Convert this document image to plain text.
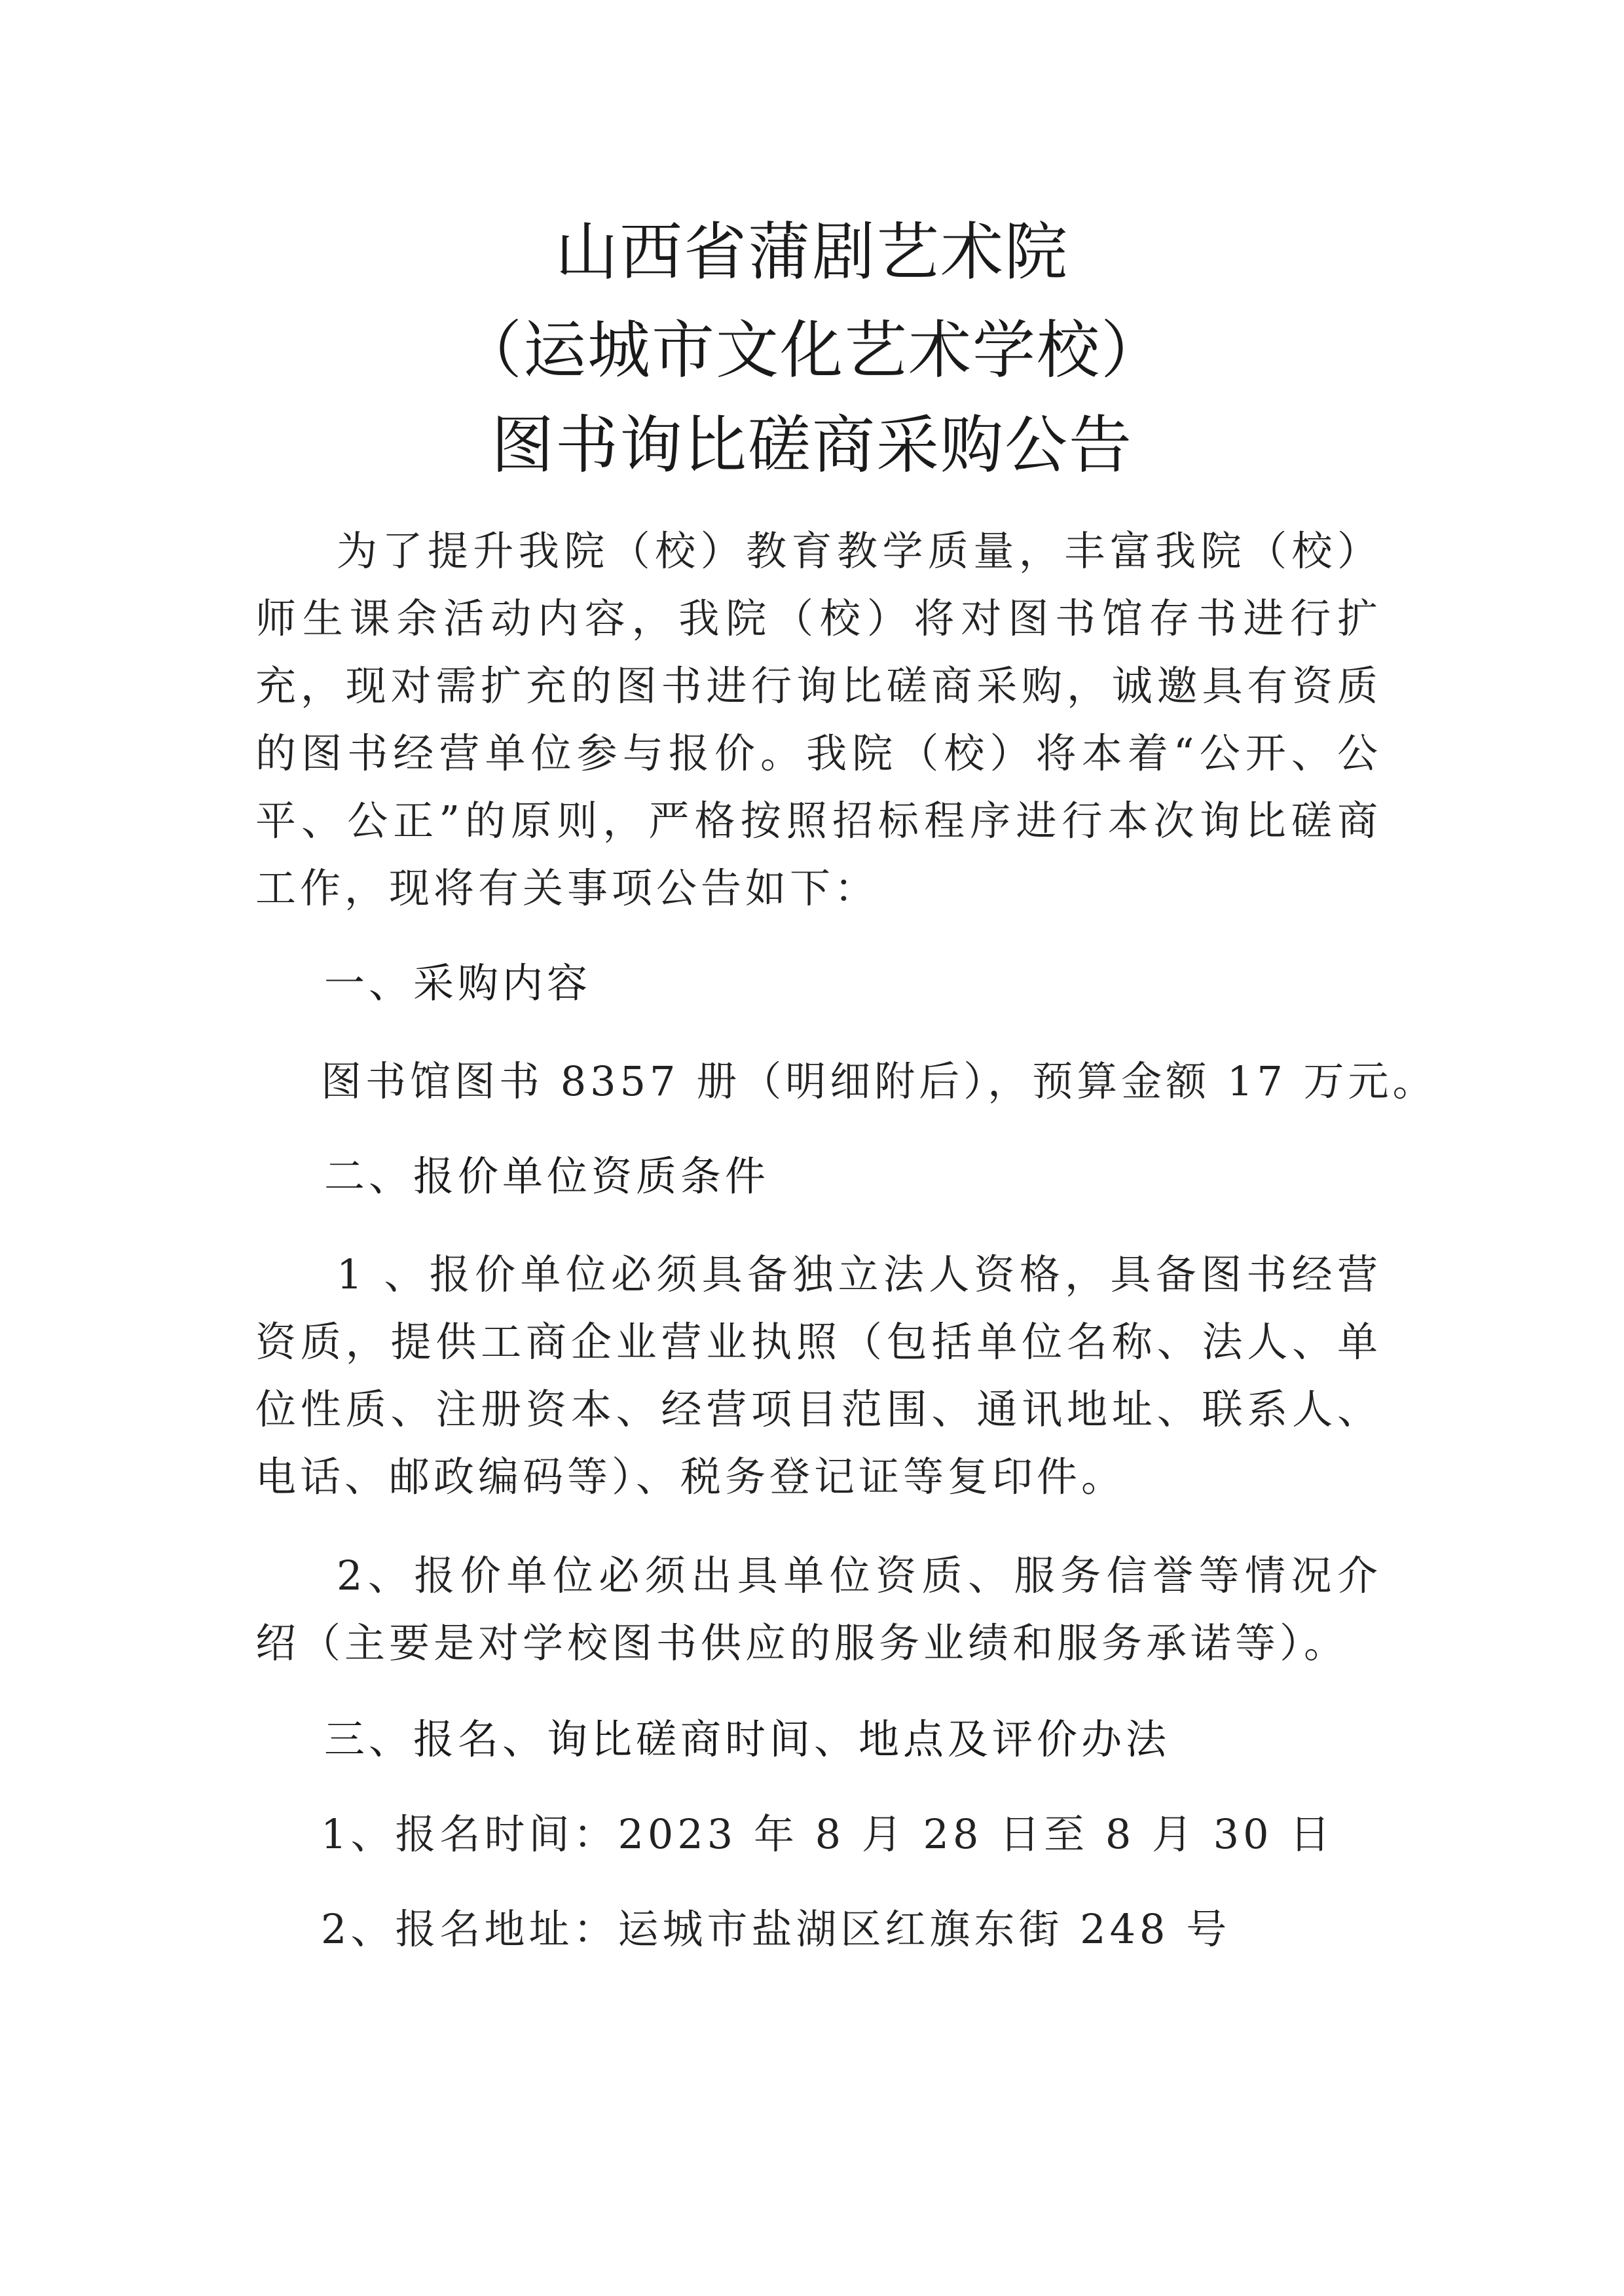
山西省蒲剧艺术院
（运城市文化艺术学校）
图书询比磋商采购公告

为了提升我院（校）教育教学质量，丰富我院（校）师生课余活动内容，我院（校）将对图书馆存书进行扩充，现对需扩充的图书进行询比磋商采购，诚邀具有资质的图书经营单位参与报价。我院（校）将本着“公开、公平、公正”的原则，严格按照招标程序进行本次询比磋商工作，现将有关事项公告如下：

一、采购内容
图书馆图书 8357 册（明细附后），预算金额 17 万元。
二、报价单位资质条件

1 、报价单位必须具备独立法人资格，具备图书经营资质，提供工商企业营业执照（包括单位名称、法人、单位性质、注册资本、经营项目范围、通讯地址、联系人、电话、邮政编码等）、税务登记证等复印件。

2、报价单位必须出具单位资质、服务信誉等情况介绍（主要是对学校图书供应的服务业绩和服务承诺等）。

三、报名、询比磋商时间、地点及评价办法
1、报名时间：2023 年 8 月 28 日至 8 月 30 日
2、报名地址：运城市盐湖区红旗东街 248 号
